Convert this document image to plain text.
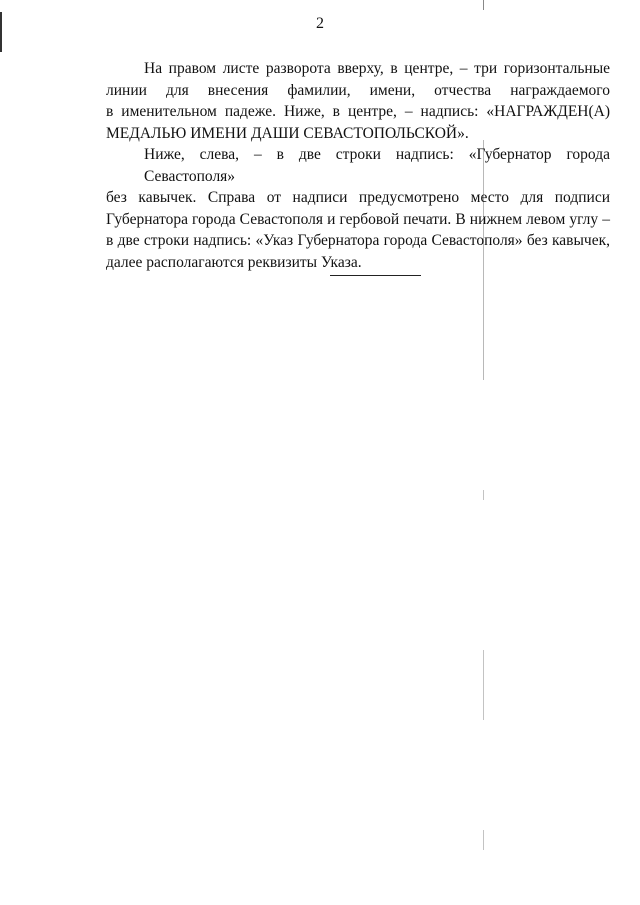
2

На правом листе разворота вверху, в центре, – три горизонтальные
линии для внесения фамилии, имени, отчества награждаемого
в именительном падеже. Ниже, в центре, – надпись: «НАГРАЖДЕН(А)
МЕДАЛЬЮ ИМЕНИ ДАШИ СЕВАСТОПОЛЬСКОЙ».

Ниже, слева, – в две строки надпись: «Губернатор города Севастополя»
без кавычек. Справа от надписи предусмотрено место для подписи
Губернатора города Севастополя и гербовой печати. В нижнем левом углу –
в две строки надпись: «Указ Губернатора города Севастополя» без кавычек,
далее располагаются реквизиты Указа.
